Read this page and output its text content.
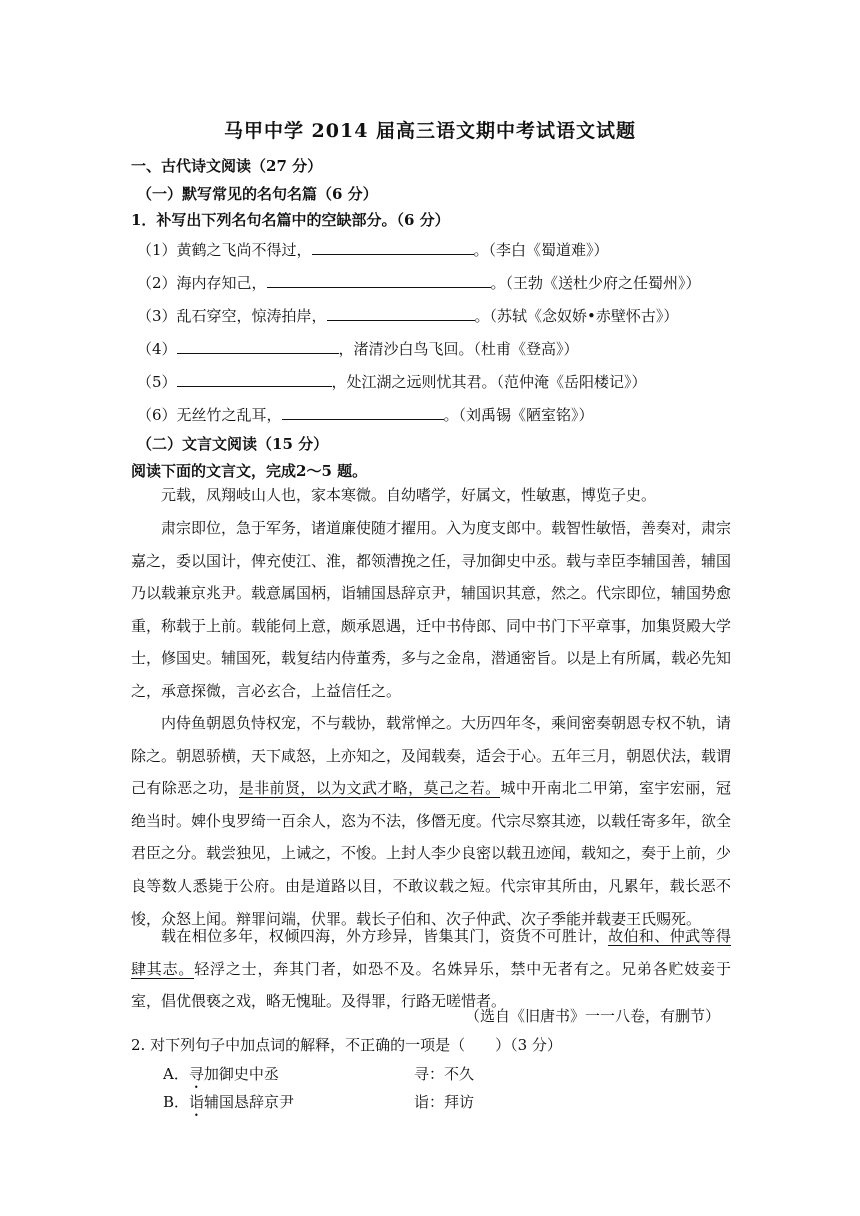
马甲中学 2014 届高三语文期中考试语文试题
一、古代诗文阅读（27 分）
（一）默写常见的名句名篇（6 分）
1．补写出下列名句名篇中的空缺部分。（6 分）
（1）黄鹤之飞尚不得过，	。（李白《蜀道难》）
（2）海内存知己，	。（王勃《送杜少府之任蜀州》）
（3）乱石穿空，惊涛拍岸，	。（苏轼《念奴娇•赤壁怀古》）
（4）	，渚清沙白鸟飞回。（杜甫《登高》）
（5）	，处江湖之远则忧其君。（范仲淹《岳阳楼记》）
（6）无丝竹之乱耳，	。（刘禹锡《陋室铭》）
（二）文言文阅读（15 分）
阅读下面的文言文，完成2～5 题。
元载，凤翔岐山人也，家本寒微。自幼嗜学，好属文，性敏惠，博览子史。
肃宗即位，急于军务，诸道廉使随才擢用。入为度支郎中。载智性敏悟，善奏对，肃宗嘉之，委以国计，俾充使江、淮，都领漕挽之任，寻加御史中丞。载与幸臣李辅国善，辅国乃以载兼京兆尹。载意属国柄，诣辅国恳辞京尹，辅国识其意，然之。代宗即位，辅国势愈重，称载于上前。载能伺上意，颇承恩遇，迁中书侍郎、同中书门下平章事，加集贤殿大学士，修国史。辅国死，载复结内侍董秀，多与之金帛，潜通密旨。以是上有所属，载必先知之，承意探微，言必玄合，上益信任之。
内侍鱼朝恩负恃权宠，不与载协，载常惮之。大历四年冬，乘间密奏朝恩专权不轨，请除之。朝恩骄横，天下咸怒，上亦知之，及闻载奏，适会于心。五年三月，朝恩伏法，载谓己有除恶之功，是非前贤，以为文武才略，莫己之若。城中开南北二甲第，室宇宏丽，冠绝当时。婢仆曳罗绮一百余人，恣为不法，侈僭无度。代宗尽察其迹，以载任寄多年，欲全君臣之分。载尝独见，上诫之，不悛。上封人李少良密以载丑迹闻，载知之，奏于上前，少良等数人悉毙于公府。由是道路以目，不敢议载之短。代宗审其所由，凡累年，载长恶不悛，众怒上闻。辩罪问端，伏罪。载长子伯和、次子仲武、次子季能并载妻王氏赐死。
载在相位多年，权倾四海，外方珍异，皆集其门，资货不可胜计，故伯和、仲武等得肆其志。轻浮之士，奔其门者，如恐不及。名姝异乐，禁中无者有之。兄弟各贮妓妾于室，倡优偎亵之戏，略无愧耻。及得罪，行路无嗟惜者。
（选自《旧唐书》一一八卷，有删节）
2. 对下列句子中加点词的解释，不正确的一项是（　　）（3 分）
A．寻加御史中丞	寻：不久
B．诣辅国恳辞京尹	诣：拜访
